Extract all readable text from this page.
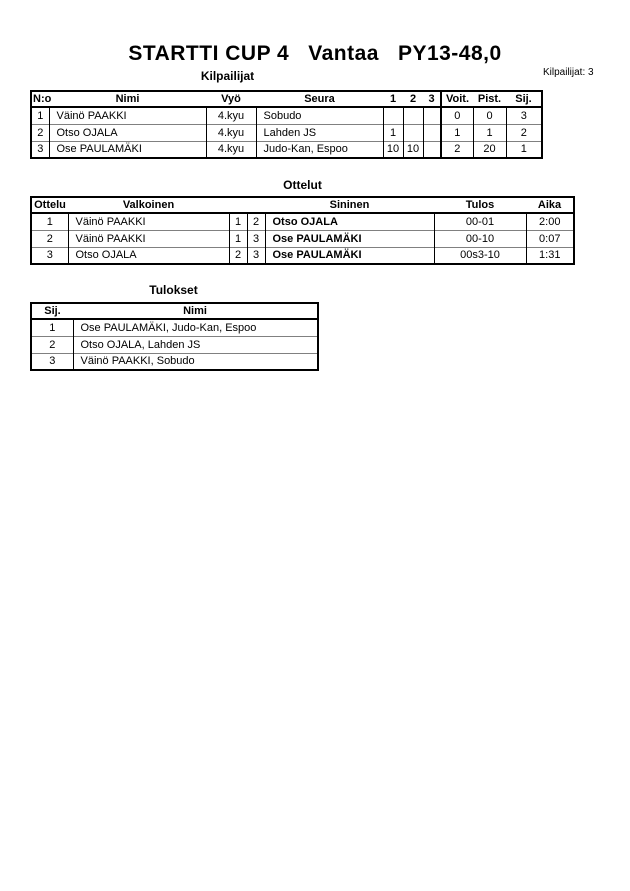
STARTTI CUP 4 Vantaa PY13-48,0
Kilpailijat: 3
Kilpailijat
N:o	Nimi	Vyö	Seura	1	2	3	Voit.	Pist.	Sij.
1	Väinö PAAKKI	4.kyu	Sobudo				0	0	3
2	Otso OJALA	4.kyu	Lahden JS	1			1	1	2
3	Ose PAULAMÄKI	4.kyu	Judo-Kan, Espoo	10	10		2	20	1
Ottelut
Ottelu	Valkoinen			Sininen	Tulos	Aika
1	Väinö PAAKKI	1	2	Otso OJALA	00-01	2:00
2	Väinö PAAKKI	1	3	Ose PAULAMÄKI	00-10	0:07
3	Otso OJALA	2	3	Ose PAULAMÄKI	00s3-10	1:31
Tulokset
Sij.	Nimi
1	Ose PAULAMÄKI, Judo-Kan, Espoo
2	Otso OJALA, Lahden JS
3	Väinö PAAKKI, Sobudo
